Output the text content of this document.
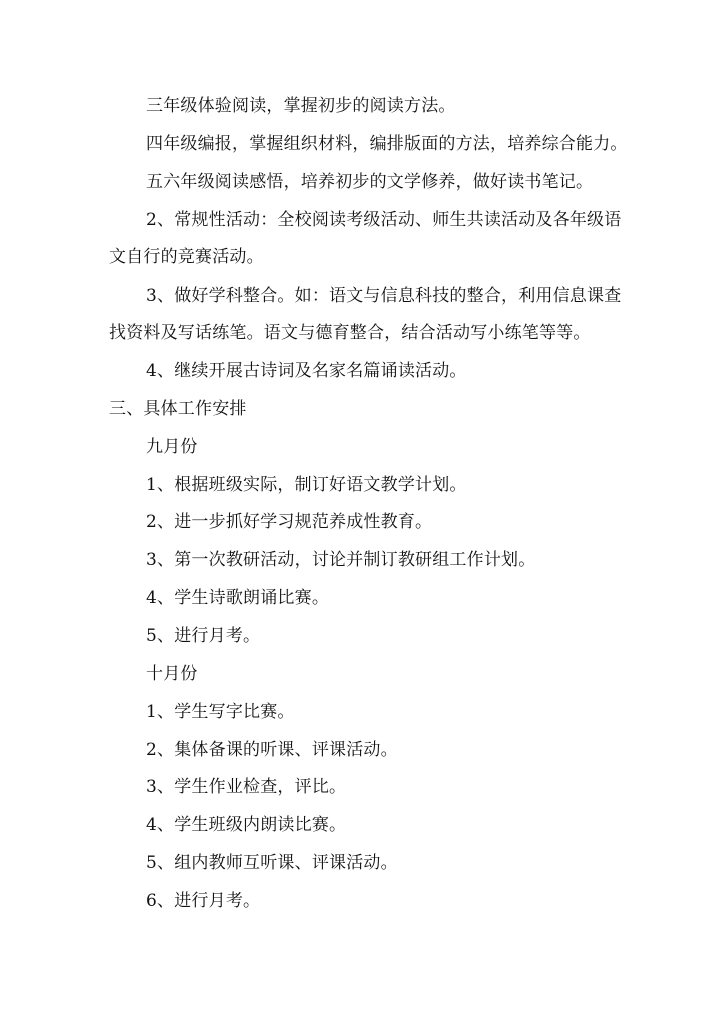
三年级体验阅读，掌握初步的阅读方法。

四年级编报，掌握组织材料，编排版面的方法，培养综合能力。

五六年级阅读感悟，培养初步的文学修养，做好读书笔记。

2、常规性活动：全校阅读考级活动、师生共读活动及各年级语

文自行的竞赛活动。

3、做好学科整合。如：语文与信息科技的整合，利用信息课查

找资料及写话练笔。语文与德育整合，结合活动写小练笔等等。

4、继续开展古诗词及名家名篇诵读活动。

三、具体工作安排

九月份

1、根据班级实际，制订好语文教学计划。

2、进一步抓好学习规范养成性教育。

3、第一次教研活动，讨论并制订教研组工作计划。

4、学生诗歌朗诵比赛。

5、进行月考。

十月份

1、学生写字比赛。

2、集体备课的听课、评课活动。

3、学生作业检查，评比。

4、学生班级内朗读比赛。

5、组内教师互听课、评课活动。

6、进行月考。
